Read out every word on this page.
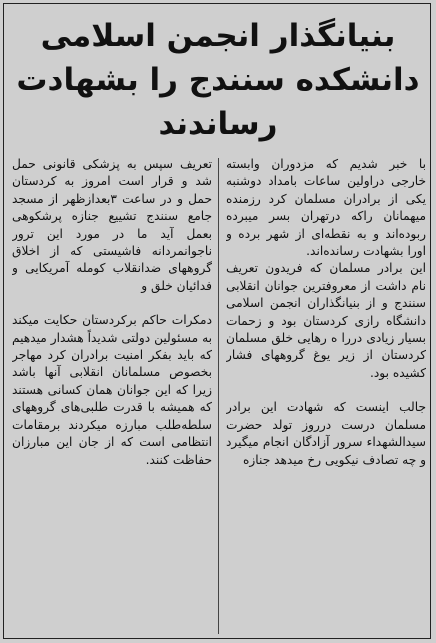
بنیانگذار انجمن اسلامی
دانشکده سنندج را بشهادت
رساندند

با خبر شدیم که مزدوران وابسته خارجی دراولین ساعات بامداد دوشنبه یکی از برادران مسلمان کرد رزمنده میهمانان راکه درتهران بسر میبرده ربوده‌اند و به نقطه‌ای از شهر برده و اورا بشهادت رسانده‌اند.

این برادر مسلمان که فریدون تعریف نام داشت از معروفترین جوانان انقلابی سنندج و از بنیانگذاران انجمن اسلامی دانشگاه رازی کردستان بود و زحمات بسیار زیادی دررا ه رهایی خلق مسلمان کردستان از زیر یوغ گروههای فشار کشیده بود.

جالب اینست که شهادت این برادر مسلمان درست درروز تولد حضرت سیدالشهداء سرور آزادگان انجام میگیرد و چه تصادف نیکویی رخ میدهد جنازه

تعریف سپس به پزشکی قانونی حمل شد و قرار است امروز به کردستان حمل و در ساعت ۳بعدازظهر از مسجد جامع سنندج تشییع جنازه پرشکوهی بعمل آید ما در مورد این ترور ناجوانمردانه فاشیستی که از اخلاق گروههای ضدانقلاب کومله آمریکایی و فدائیان خلق و

دمکرات حاکم برکردستان حکایت میکند به مسئولین دولتی شدیداً هشدار میدهیم که باید بفکر امنیت برادران کرد مهاجر بخصوص مسلمانان انقلابی آنها باشد زیرا که این جوانان همان کسانی هستند که همیشه با قدرت طلبی‌های گروههای سلطه‌طلب مبارزه میکردند برمقامات انتظامی است که از جان این مبارزان حفاظت کنند.
